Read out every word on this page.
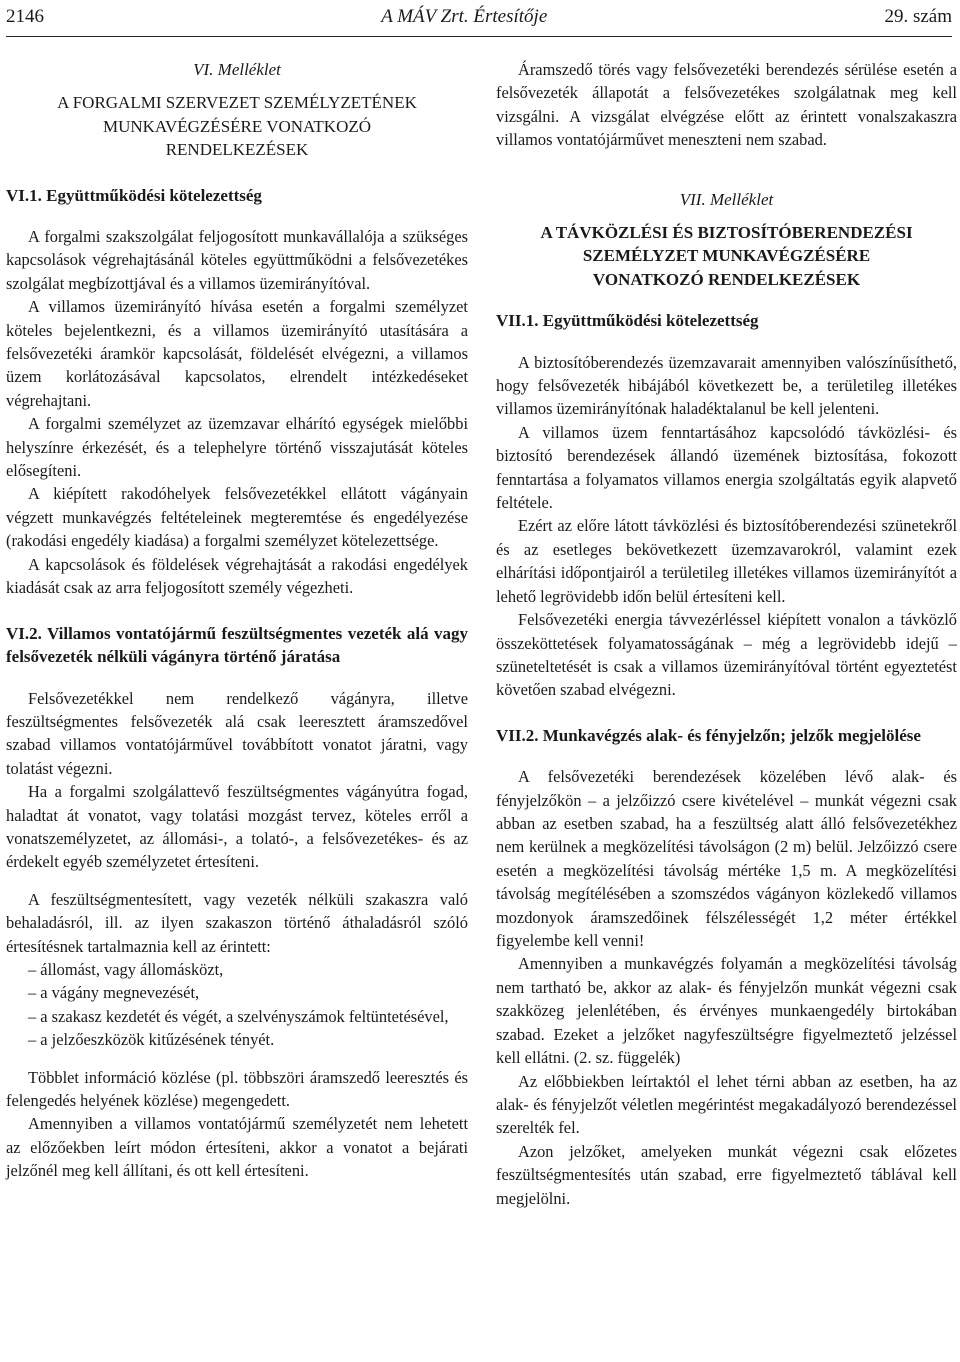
2146	A MÁV Zrt. Értesítője	29. szám
VI. Melléklet
A FORGALMI SZERVEZET SZEMÉLYZETÉNEK
MUNKAVÉGZÉSÉRE VONATKOZÓ
RENDELKEZÉSEK
VI.1. Együttműködési kötelezettség

A forgalmi szakszolgálat feljogosított munkavállalója a szükséges kapcsolások végrehajtásánál köteles együttműködni a felsővezetékes szolgálat megbízottjával és a villamos üzemirányítóval.

A villamos üzemirányító hívása esetén a forgalmi személyzet köteles bejelentkezni, és a villamos üzemirányító utasítására a felsővezetéki áramkör kapcsolását, földelését elvégezni, a villamos üzem korlátozásával kapcsolatos, elrendelt intézkedéseket végrehajtani.

A forgalmi személyzet az üzemzavar elhárító egységek mielőbbi helyszínre érkezését, és a telephelyre történő visszajutását köteles elősegíteni.

A kiépített rakodóhelyek felsővezetékkel ellátott vágányain végzett munkavégzés feltételeinek megteremtése és engedélyezése (rakodási engedély kiadása) a forgalmi személyzet kötelezettsége.

A kapcsolások és földelések végrehajtását a rakodási engedélyek kiadását csak az arra feljogosított személy végezheti.

VI.2. Villamos vontatójármű feszültségmentes vezeték alá vagy felsővezeték nélküli vágányra történő járatása

Felsővezetékkel nem rendelkező vágányra, illetve feszültségmentes felsővezeték alá csak leeresztett áramszedővel szabad villamos vontatójárművel továbbított vonatot járatni, vagy tolatást végezni.

Ha a forgalmi szolgálattevő feszültségmentes vágányútra fogad, haladtat át vonatot, vagy tolatási mozgást tervez, köteles erről a vonatszemélyzetet, az állomási-, a tolató-, a felsővezetékes- és az érdekelt egyéb személyzetet értesíteni.

A feszültségmentesített, vagy vezeték nélküli szakaszra való behaladásról, ill. az ilyen szakaszon történő áthaladásról szóló értesítésnek tartalmaznia kell az érintett:

– állomást, vagy állomásközt,

– a vágány megnevezését,

– a szakasz kezdetét és végét, a szelvényszámok feltüntetésével,

– a jelzőeszközök kitűzésének tényét.

Többlet információ közlése (pl. többszöri áramszedő leeresztés és felengedés helyének közlése) megengedett.

Amennyiben a villamos vontatójármű személyzetét nem lehetett az előzőekben leírt módon értesíteni, akkor a vonatot a bejárati jelzőnél meg kell állítani, és ott kell értesíteni.

Áramszedő törés vagy felsővezetéki berendezés sérülése esetén a felsővezeték állapotát a felsővezetékes szolgálatnak meg kell vizsgálni. A vizsgálat elvégzése előtt az érintett vonalszakaszra villamos vontatójárművet meneszteni nem szabad.

VII. Melléklet
A TÁVKÖZLÉSI ÉS BIZTOSÍTÓBERENDEZÉSI
SZEMÉLYZET MUNKAVÉGZÉSÉRE
VONATKOZÓ RENDELKEZÉSEK
VII.1. Együttműködési kötelezettség

A biztosítóberendezés üzemzavarait amennyiben valószínűsíthető, hogy felsővezeték hibájából következett be, a területileg illetékes villamos üzemirányítónak haladéktalanul be kell jelenteni.

A villamos üzem fenntartásához kapcsolódó távközlési- és biztosító berendezések állandó üzemének biztosítása, fokozott fenntartása a folyamatos villamos energia szolgáltatás egyik alapvető feltétele.

Ezért az előre látott távközlési és biztosítóberendezési szünetekről és az esetleges bekövetkezett üzemzavarokról, valamint ezek elhárítási időpontjairól a területileg illetékes villamos üzemirányítót a lehető legrövidebb időn belül értesíteni kell.

Felsővezetéki energia távvezérléssel kiépített vonalon a távközlő összeköttetések folyamatosságának – még a legrövidebb idejű – szüneteltetését is csak a villamos üzemirányítóval történt egyeztetést követően szabad elvégezni.

VII.2. Munkavégzés alak- és fényjelzőn; jelzők megjelölése

A felsővezetéki berendezések közelében lévő alak- és fényjelzőkön – a jelzőizzó csere kivételével – munkát végezni csak abban az esetben szabad, ha a feszültség alatt álló felsővezetékhez nem kerülnek a megközelítési távolságon (2 m) belül. Jelzőizzó csere esetén a megközelítési távolság mértéke 1,5 m. A megközelítési távolság megítélésében a szomszédos vágányon közlekedő villamos mozdonyok áramszedőinek félszélességét 1,2 méter értékkel figyelembe kell venni!

Amennyiben a munkavégzés folyamán a megközelítési távolság nem tartható be, akkor az alak- és fényjelzőn munkát végezni csak szakközeg jelenlétében, és érvényes munkaengedély birtokában szabad. Ezeket a jelzőket nagyfeszültségre figyelmeztető jelzéssel kell ellátni. (2. sz. függelék)

Az előbbiekben leírtaktól el lehet térni abban az esetben, ha az alak- és fényjelzőt véletlen megérintést megakadályozó berendezéssel szerelték fel.

Azon jelzőket, amelyeken munkát végezni csak előzetes feszültségmentesítés után szabad, erre figyelmeztető táblával kell megjelölni.
